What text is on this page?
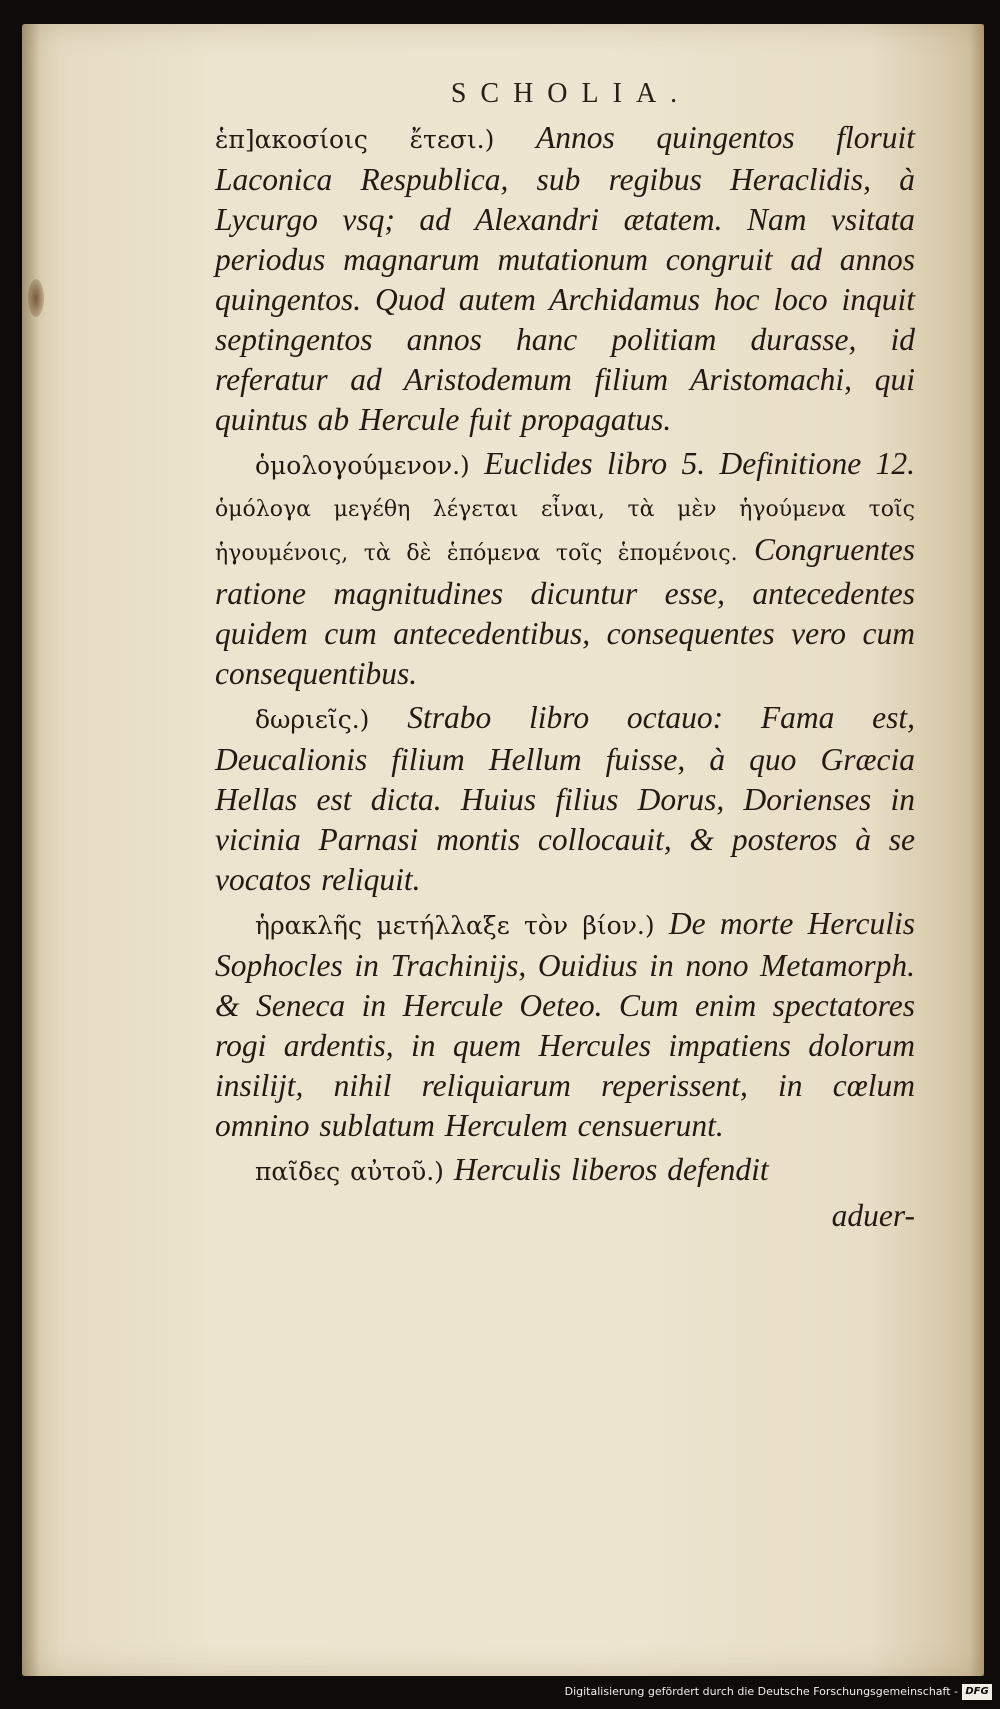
SCHOLIA.

ἑπ]ακοσίοις ἔτεσι.) Annos quingentos floruit Laconica Respublica, sub regibus Heraclidis, à Lycurgo vsq; ad Alexandri ætatem. Nam vsitata periodus magnarum mutationum congruit ad annos quingentos. Quod autem Archidamus hoc loco inquit septingentos annos hanc politiam durasse, id referatur ad Aristodemum filium Aristomachi, qui quintus ab Hercule fuit propagatus.

ὁμολογούμενον.) Euclides libro 5. Definitione 12. ὁμόλογα μεγέθη λέγεται εἶναι, τὰ μὲν ἡγούμενα τοῖς ἡγουμένοις, τὰ δὲ ἑπόμενα τοῖς ἑπομένοις. Congruentes ratione magnitudines dicuntur esse, antecedentes quidem cum antecedentibus, consequentes vero cum consequentibus.

δωριεῖς.) Strabo libro octauo: Fama est, Deucalionis filium Hellum fuisse, à quo Græcia Hellas est dicta. Huius filius Dorus, Dorienses in vicinia Parnasi montis collocauit, & posteros à se vocatos reliquit.

ἡρακλῆς μετήλλαξε τὸν βίον.) De morte Herculis Sophocles in Trachinijs, Ouidius in nono Metamorph. & Seneca in Hercule Oeteo. Cum enim spectatores rogi ardentis, in quem Hercules impatiens dolorum insilijt, nihil reliquiarum reperissent, in cœlum omnino sublatum Herculem censuerunt.

παῖδες αὐτοῦ.) Herculis liberos defendit

aduer-
Digitalisierung gefördert durch die Deutsche Forschungsgemeinschaft - DFG
